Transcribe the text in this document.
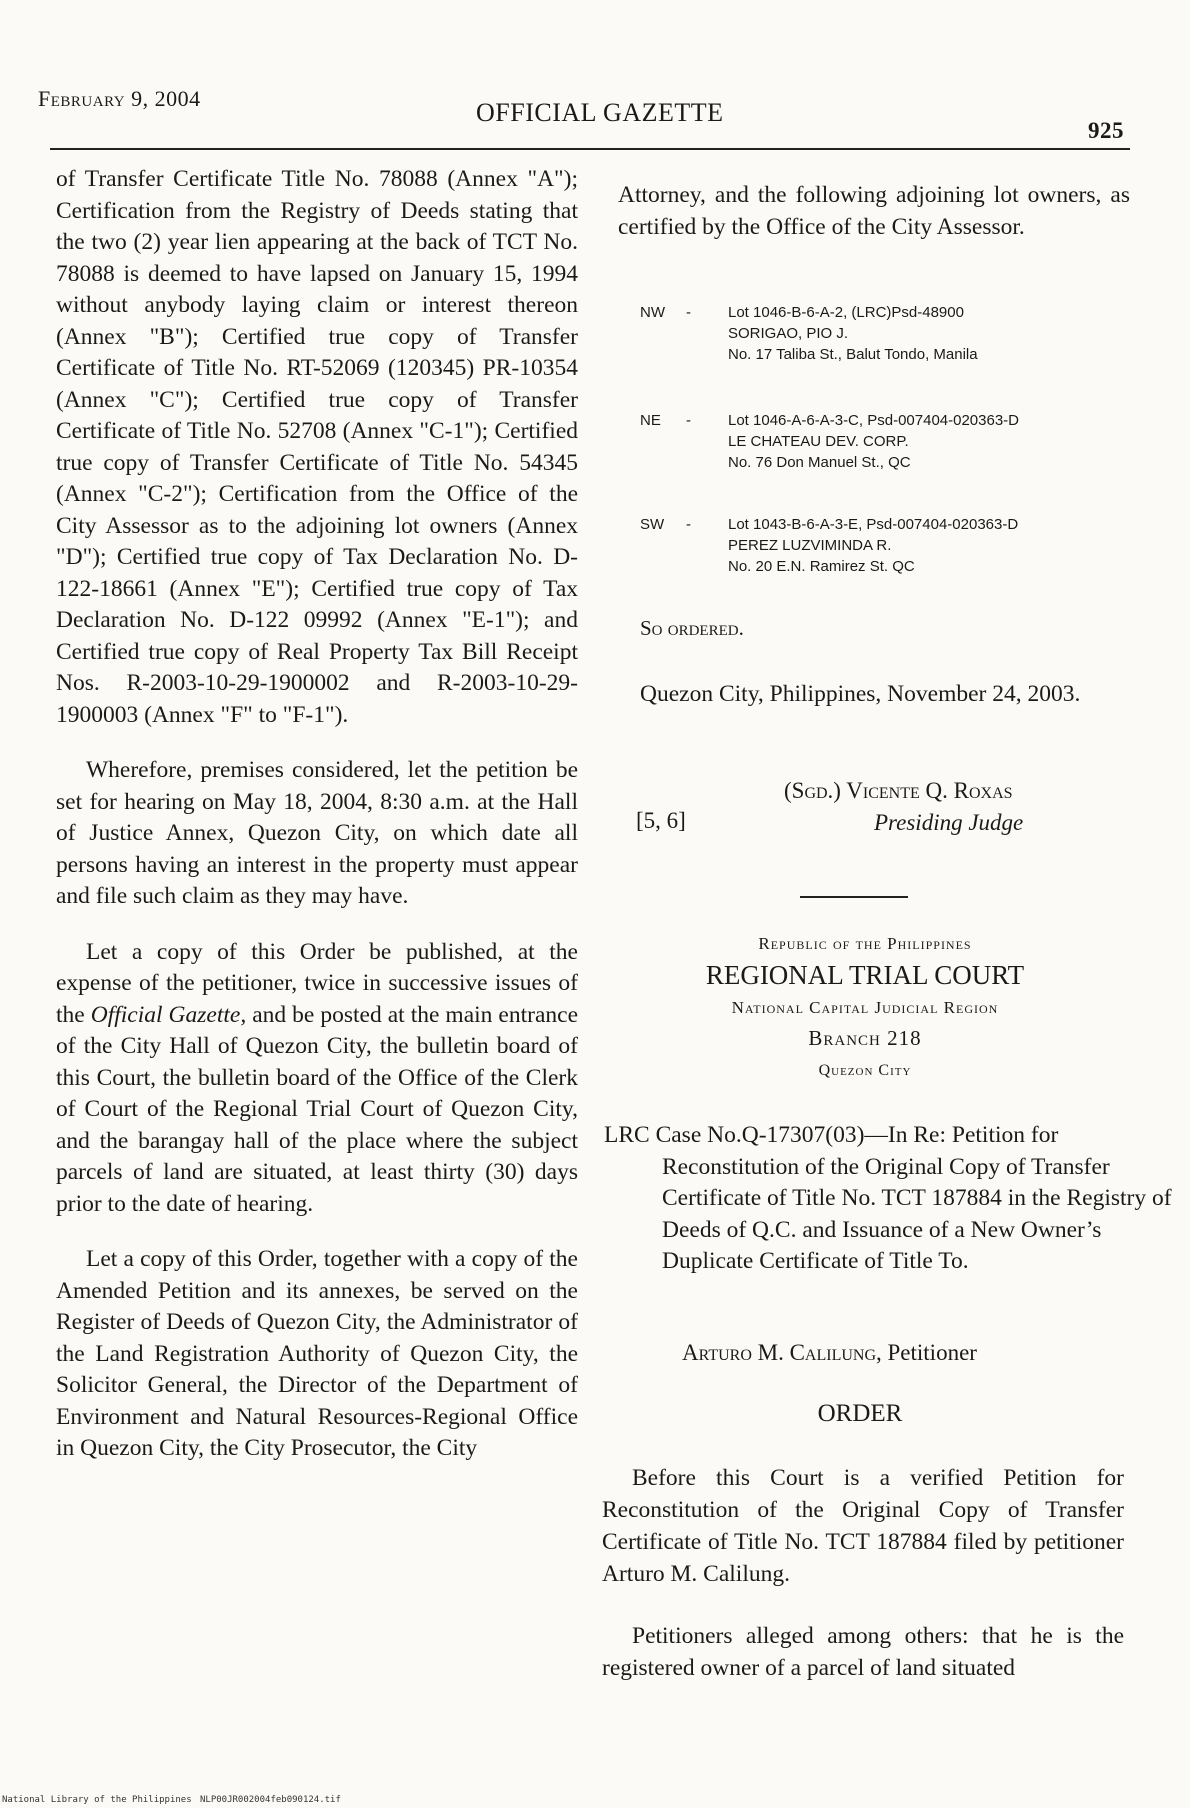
February 9, 2004	OFFICIAL GAZETTE
925

of Transfer Certificate Title No. 78088 (Annex "A"); Certification from the Registry of Deeds stating that the two (2) year lien appearing at the back of TCT No. 78088 is deemed to have lapsed on January 15, 1994 without anybody laying claim or interest thereon (Annex "B"); Certified true copy of Transfer Certificate of Title No. RT-52069 (120345) PR-10354 (Annex "C"); Certified true copy of Transfer Certificate of Title No. 52708 (Annex "C-1"); Certified true copy of Transfer Certificate of Title No. 54345 (Annex "C-2"); Certification from the Office of the City Assessor as to the adjoining lot owners (Annex "D"); Certified true copy of Tax Declaration No. D-122-18661 (Annex "E"); Certified true copy of Tax Declaration No. D-122 09992 (Annex "E-1"); and Certified true copy of Real Property Tax Bill Receipt Nos. R-2003-10-29-1900002 and R-2003-10-29-1900003 (Annex "F" to "F-1").

Wherefore, premises considered, let the petition be set for hearing on May 18, 2004, 8:30 a.m. at the Hall of Justice Annex, Quezon City, on which date all persons having an interest in the property must appear and file such claim as they may have.

Let a copy of this Order be published, at the expense of the petitioner, twice in successive issues of the Official Gazette, and be posted at the main entrance of the City Hall of Quezon City, the bulletin board of this Court, the bulletin board of the Office of the Clerk of Court of the Regional Trial Court of Quezon City, and the barangay hall of the place where the subject parcels of land are situated, at least thirty (30) days prior to the date of hearing.

Let a copy of this Order, together with a copy of the Amended Petition and its annexes, be served on the Register of Deeds of Quezon City, the Administrator of the Land Registration Authority of Quezon City, the Solicitor General, the Director of the Department of Environment and Natural Resources-Regional Office in Quezon City, the City Prosecutor, the City

Attorney, and the following adjoining lot owners, as certified by the Office of the City Assessor.

NW - Lot 1046-B-6-A-2, (LRC)Psd-48900
SORIGAO, PIO J.
No. 17 Taliba St., Balut Tondo, Manila
NE - Lot 1046-A-6-A-3-C, Psd-007404-020363-D
LE CHATEAU DEV. CORP.
No. 76 Don Manuel St., QC
SW - Lot 1043-B-6-A-3-E, Psd-007404-020363-D
PEREZ LUZVIMINDA R.
No. 20 E.N. Ramirez St. QC
So ordered.

Quezon City, Philippines, November 24, 2003.

[5, 6]
(Sgd.) Vicente Q. Roxas
Presiding Judge
Republic of the Philippines
REGIONAL TRIAL COURT
National Capital Judicial Region
Branch 218
Quezon City
LRC Case No.Q-17307(03)—In Re: Petition for Reconstitution of the Original Copy of Transfer Certificate of Title No. TCT 187884 in the Registry of Deeds of Q.C. and Issuance of a New Owner’s Duplicate Certificate of Title To.
Arturo M. Calilung, Petitioner
ORDER

Before this Court is a verified Petition for Reconstitution of the Original Copy of Transfer Certificate of Title No. TCT 187884 filed by petitioner Arturo M. Calilung.

Petitioners alleged among others: that he is the registered owner of a parcel of land situated

National Library of the Philippines NLP00JR002004feb090124.tif
